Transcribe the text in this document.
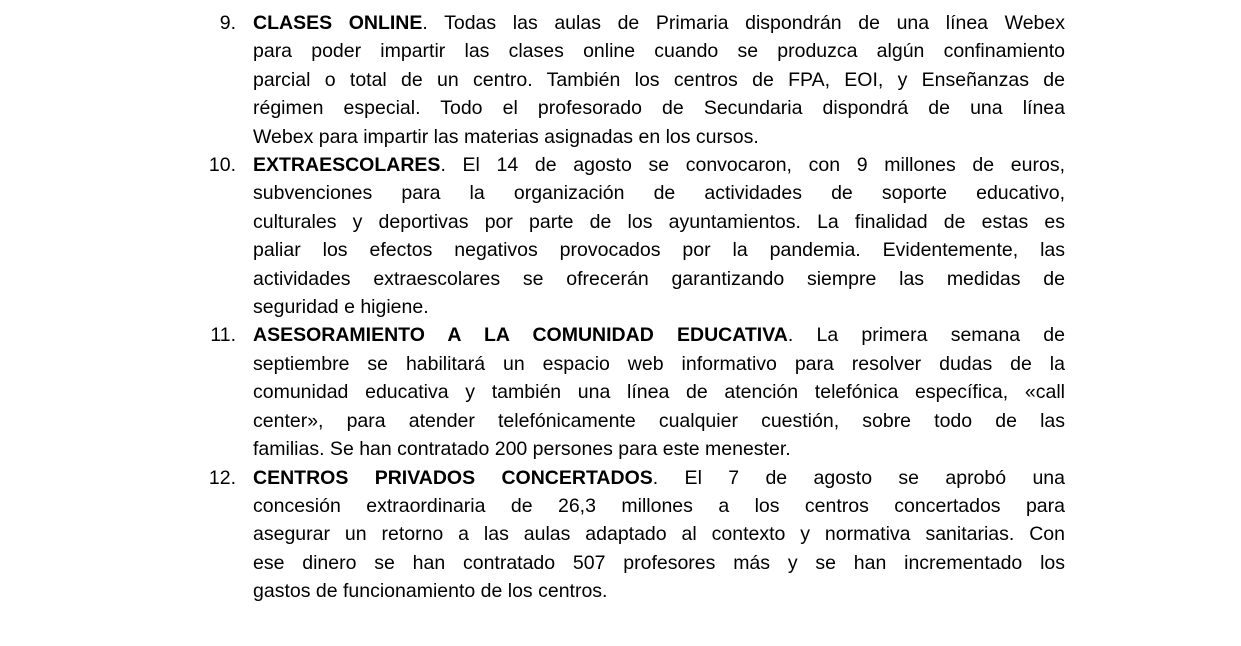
9. CLASES ONLINE. Todas las aulas de Primaria dispondrán de una línea Webex
para poder impartir las clases online cuando se produzca algún confinamiento
parcial o total de un centro. También los centros de FPA, EOI, y Enseñanzas de
régimen especial. Todo el profesorado de Secundaria dispondrá de una línea
Webex para impartir las materias asignadas en los cursos.
10. EXTRAESCOLARES. El 14 de agosto se convocaron, con 9 millones de euros,
subvenciones para la organización de actividades de soporte educativo,
culturales y deportivas por parte de los ayuntamientos. La finalidad de estas es
paliar los efectos negativos provocados por la pandemia. Evidentemente, las
actividades extraescolares se ofrecerán garantizando siempre las medidas de
seguridad e higiene.
11. ASESORAMIENTO A LA COMUNIDAD EDUCATIVA. La primera semana de
septiembre se habilitará un espacio web informativo para resolver dudas de la
comunidad educativa y también una línea de atención telefónica específica, «call
center», para atender telefónicamente cualquier cuestión, sobre todo de las
familias. Se han contratado 200 persones para este menester.
12. CENTROS PRIVADOS CONCERTADOS. El 7 de agosto se aprobó una
concesión extraordinaria de 26,3 millones a los centros concertados para
asegurar un retorno a las aulas adaptado al contexto y normativa sanitarias. Con
ese dinero se han contratado 507 profesores más y se han incrementado los
gastos de funcionamiento de los centros.
